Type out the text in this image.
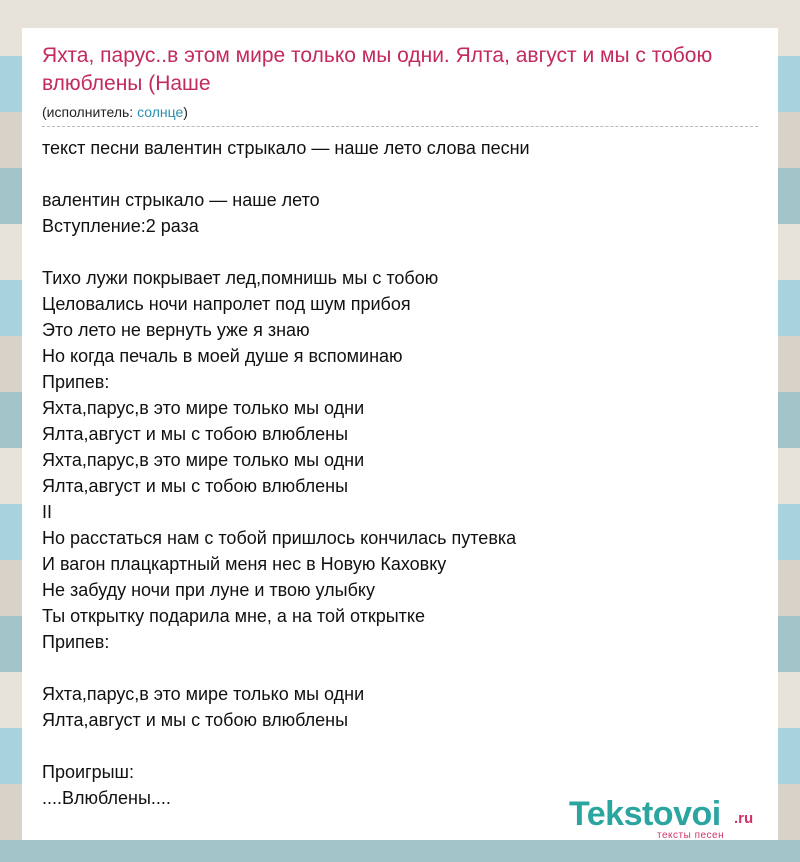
Яхта, парус..в этом мире только мы одни. Ялта, август и мы с тобою влюблены (Наше
(исполнитель: солнце)
текст песни валентин стрыкало — наше лето слова песни
валентин стрыкало — наше лето
Вступление:2 раза
Тихо лужи покрывает лед,помнишь мы с тобою
Целовались ночи напролет под шум прибоя
Это лето не вернуть уже я знаю
Но когда печаль в моей душе я вспоминаю
Припев:
Яхта,парус,в это мире только мы одни
Ялта,август и мы с тобою влюблены
Яхта,парус,в это мире только мы одни
Ялта,август и мы с тобою влюблены
II
Но расстаться нам с тобой пришлось кончилась путевка
И вагон плацкартный меня нес в Новую Каховку
Не забуду ночи при луне и твою улыбку
Ты открытку подарила мне, а на той открытке
Припев:
Яхта,парус,в это мире только мы одни
Ялта,август и мы с тобою влюблены
Проигрыш:
....Влюблены....	Tekstovoi .ru
тексты песен
